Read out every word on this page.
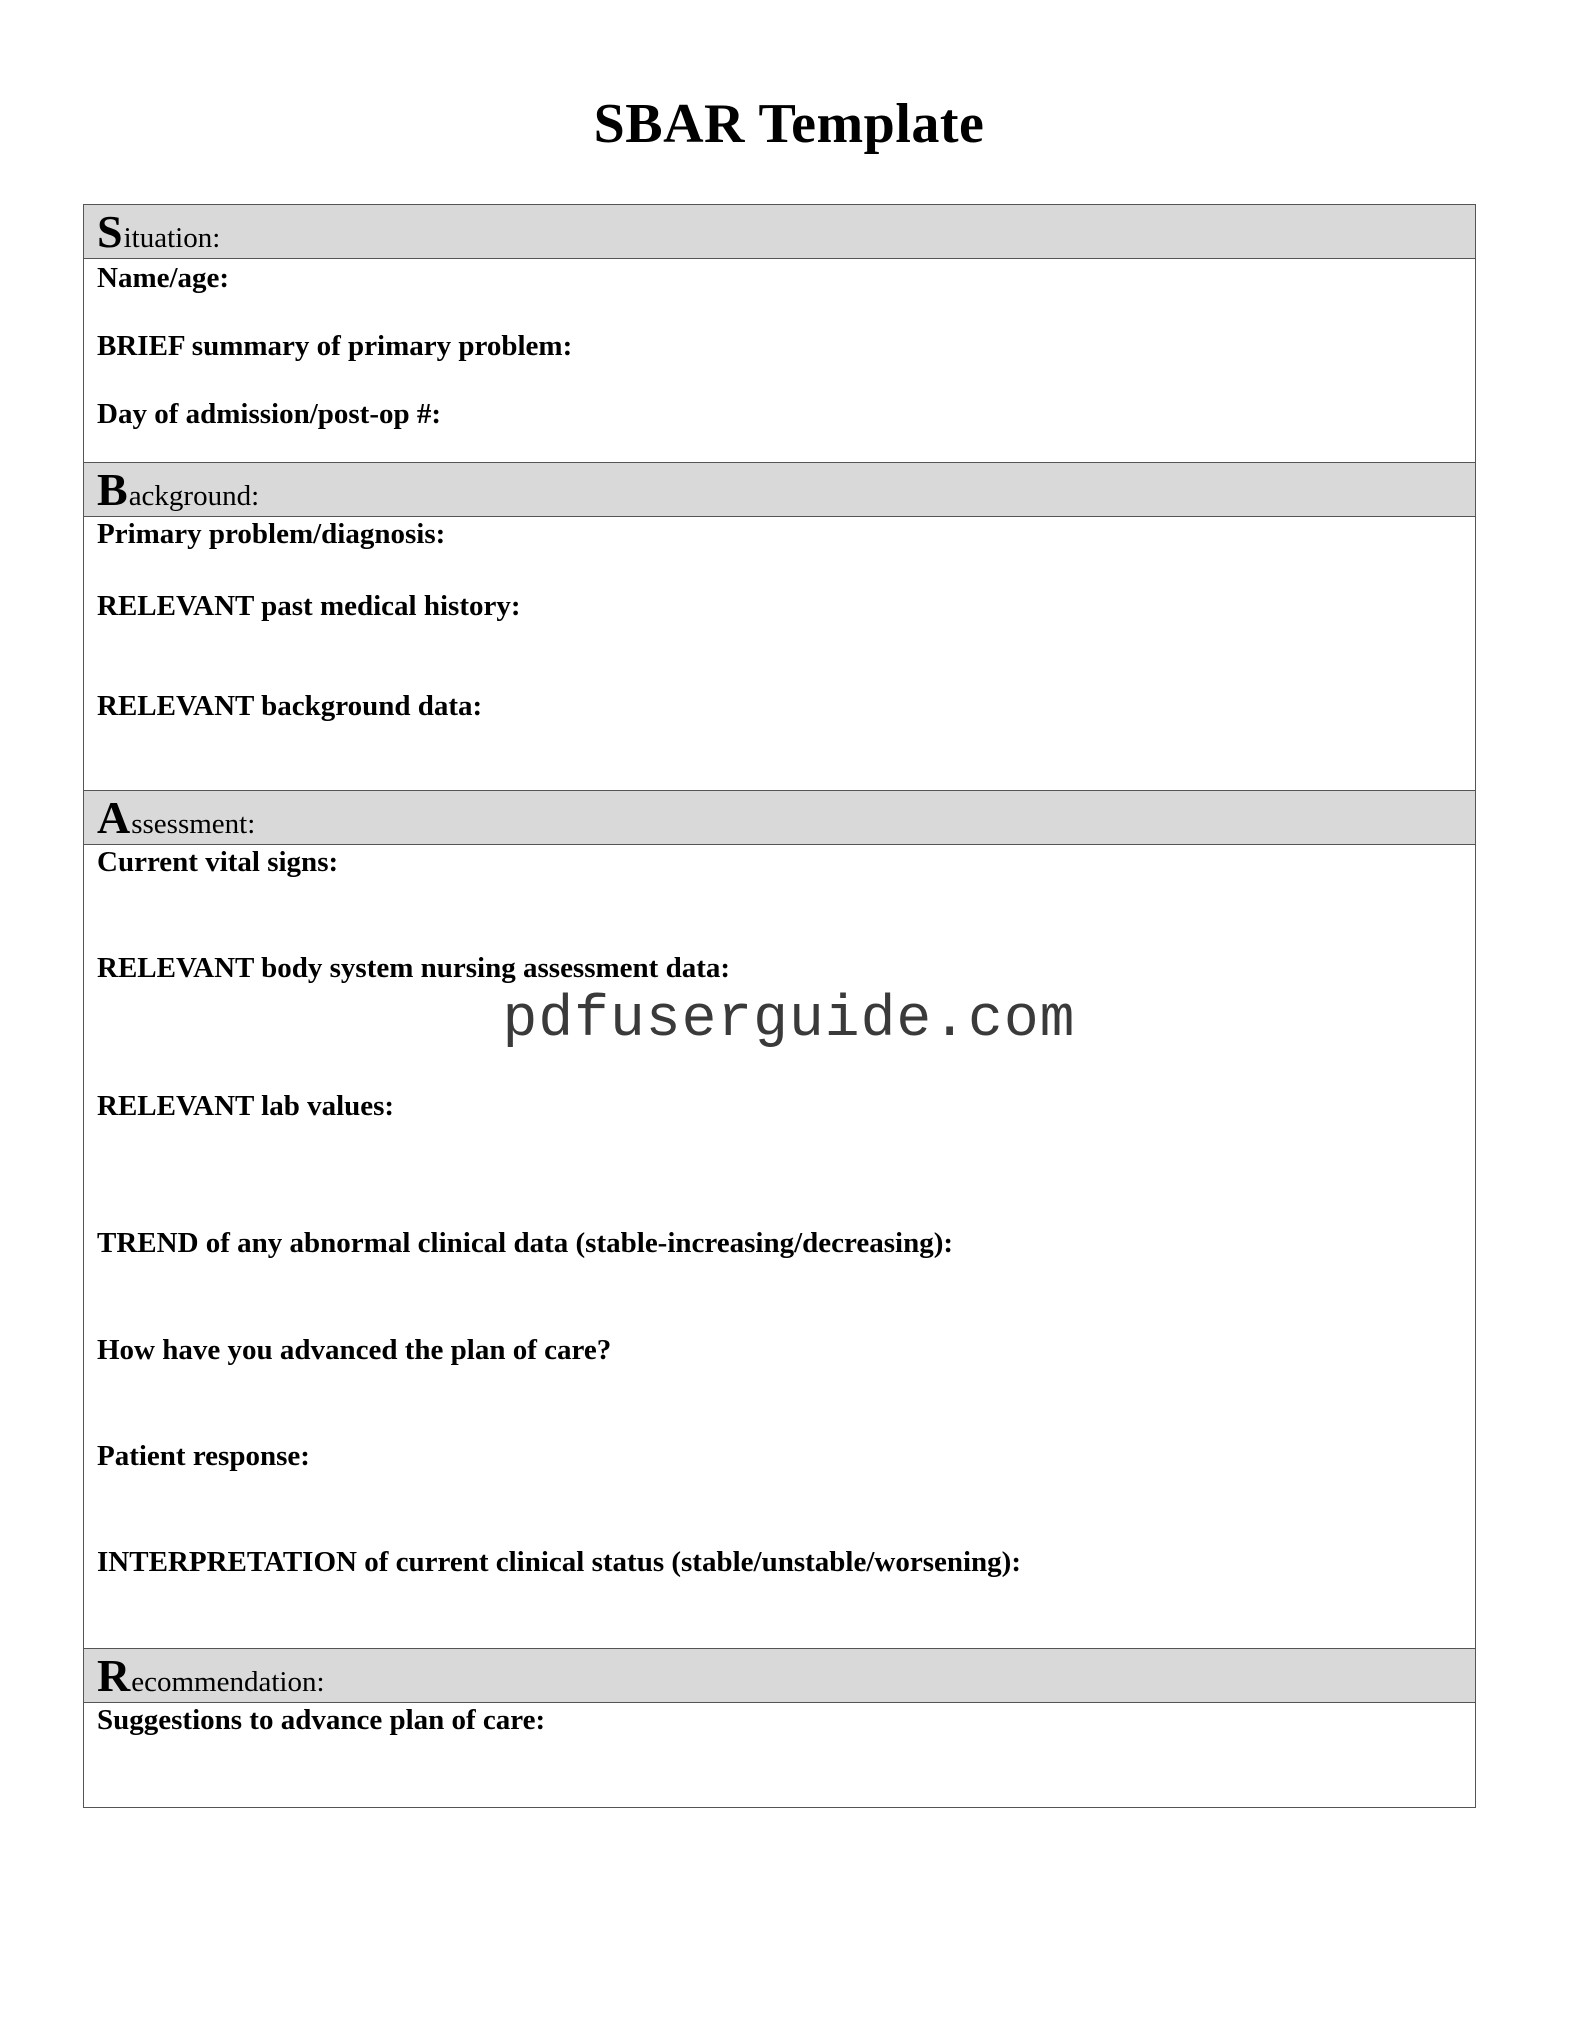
SBAR Template
S ituation:
Name/age:
BRIEF summary of primary problem:
Day of admission/post-op #:
B ackground:
Primary problem/diagnosis:
RELEVANT past medical history:
RELEVANT background data:
A ssessment:
Current vital signs:
RELEVANT body system nursing assessment data:
RELEVANT lab values:
TREND of any abnormal clinical data (stable-increasing/decreasing):
How have you advanced the plan of care?
Patient response:
INTERPRETATION of current clinical status (stable/unstable/worsening):
R ecommendation:
Suggestions to advance plan of care:
pdfuserguide.com
